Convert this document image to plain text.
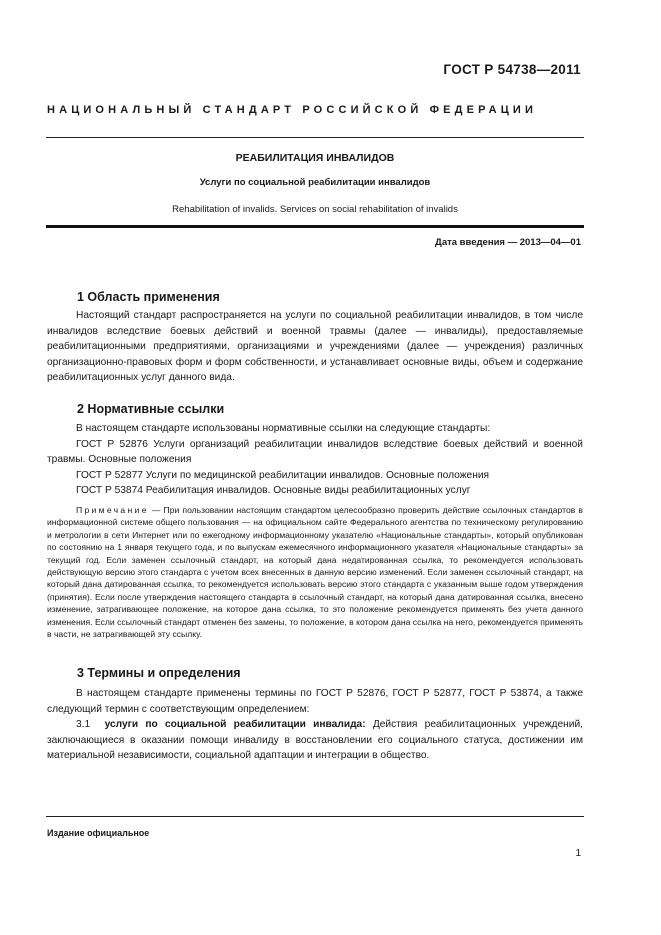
ГОСТ Р 54738—2011
НАЦИОНАЛЬНЫЙ СТАНДАРТ РОССИЙСКОЙ ФЕДЕРАЦИИ
РЕАБИЛИТАЦИЯ ИНВАЛИДОВ
Услуги по социальной реабилитации инвалидов
Rehabilitation of invalids. Services on social rehabilitation of invalids
Дата введения — 2013—04—01
1 Область применения

Настоящий стандарт распространяется на услуги по социальной реабилитации инвалидов, в том числе инвалидов вследствие боевых действий и военной травмы (далее — инвалиды), предоставляемые реабилитационными предприятиями, организациями и учреждениями (далее — учреждения) различных организационно-правовых форм и форм собственности, и устанавливает основные виды, объем и содержание реабилитационных услуг данного вида.

2 Нормативные ссылки

В настоящем стандарте использованы нормативные ссылки на следующие стандарты:

ГОСТ Р 52876 Услуги организаций реабилитации инвалидов вследствие боевых действий и военной травмы. Основные положения

ГОСТ Р 52877 Услуги по медицинской реабилитации инвалидов. Основные положения

ГОСТ Р 53874 Реабилитация инвалидов. Основные виды реабилитационных услуг

Примечание — При пользовании настоящим стандартом целесообразно проверить действие ссылочных стандартов в информационной системе общего пользования — на официальном сайте Федерального агентства по техническому регулированию и метрологии в сети Интернет или по ежегодному информационному указателю «Национальные стандарты», который опубликован по состоянию на 1 января текущего года, и по выпускам ежемесячного информационного указателя «Национальные стандарты» за текущий год. Если заменен ссылочный стандарт, на который дана недатированная ссылка, то рекомендуется использовать действующую версию этого стандарта с учетом всех внесенных в данную версию изменений. Если заменен ссылочный стандарт, на который дана датированная ссылка, то рекомендуется использовать версию этого стандарта с указанным выше годом утверждения (принятия). Если после утверждения настоящего стандарта в ссылочный стандарт, на который дана датированная ссылка, внесено изменение, затрагивающее положение, на которое дана ссылка, то это положение рекомендуется применять без учета данного изменения. Если ссылочный стандарт отменен без замены, то положение, в котором дана ссылка на него, рекомендуется применять в части, не затрагивающей эту ссылку.

3 Термины и определения

В настоящем стандарте применены термины по ГОСТ Р 52876, ГОСТ Р 52877, ГОСТ Р 53874, а также следующий термин с соответствующим определением:

3.1 услуги по социальной реабилитации инвалида: Действия реабилитационных учреждений, заключающиеся в оказании помощи инвалиду в восстановлении его социального статуса, достижении им материальной независимости, социальной адаптации и интеграции в общество.

Издание официальное
1
